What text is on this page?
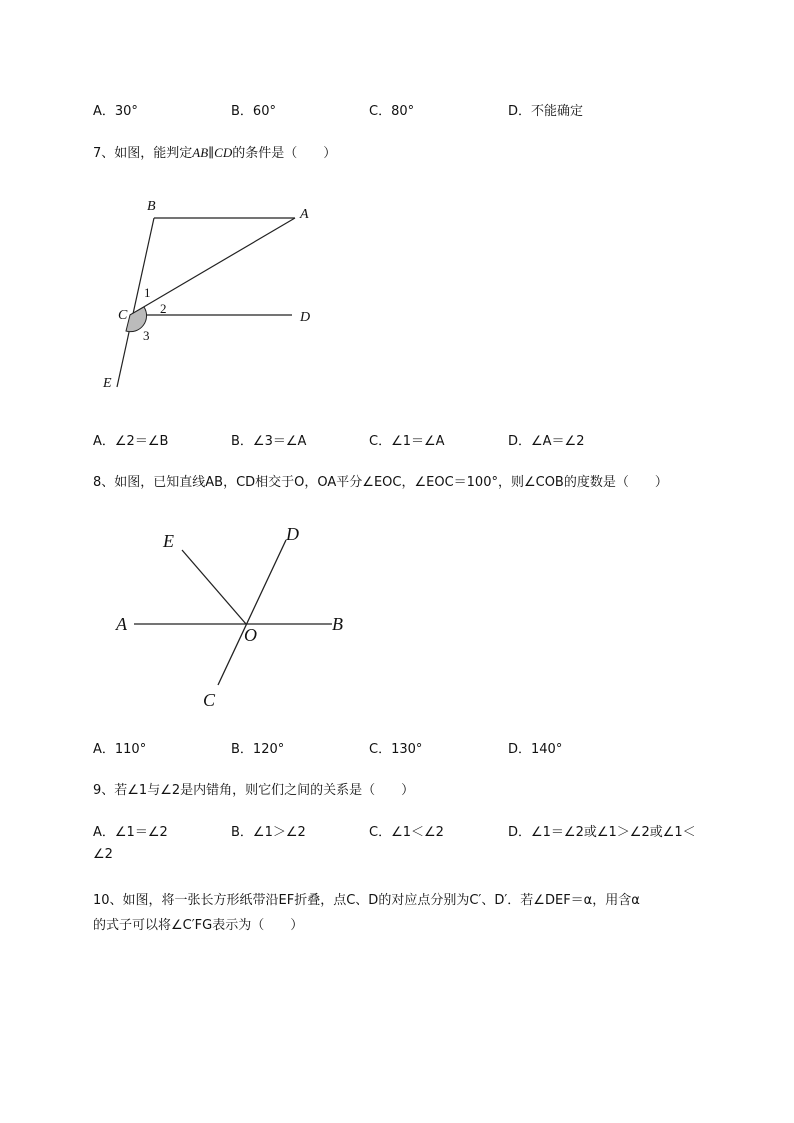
A．30°	B．60°	C．80°	D．不能确定
7、如图，能判定AB∥CD的条件是（　　）
B
A
C	D
E
1
2
3
A．∠2＝∠B	B．∠3＝∠A	C．∠1＝∠A	D．∠A＝∠2
8、如图，已知直线AB，CD相交于O，OA平分∠EOC，∠EOC＝100°，则∠COB的度数是（　　）
E	D
A
O
B
C
A．110°	B．120°	C．130°	D．140°
9、若∠1与∠2是内错角，则它们之间的关系是（　　）
A．∠1＝∠2	B．∠1＞∠2	C．∠1＜∠2	D．∠1＝∠2或∠1＞∠2或∠1＜
∠2
10、如图，将一张长方形纸带沿EF折叠，点C、D的对应点分别为C′、D′．若∠DEF＝α，用含α
的式子可以将∠C′FG表示为（　　）
